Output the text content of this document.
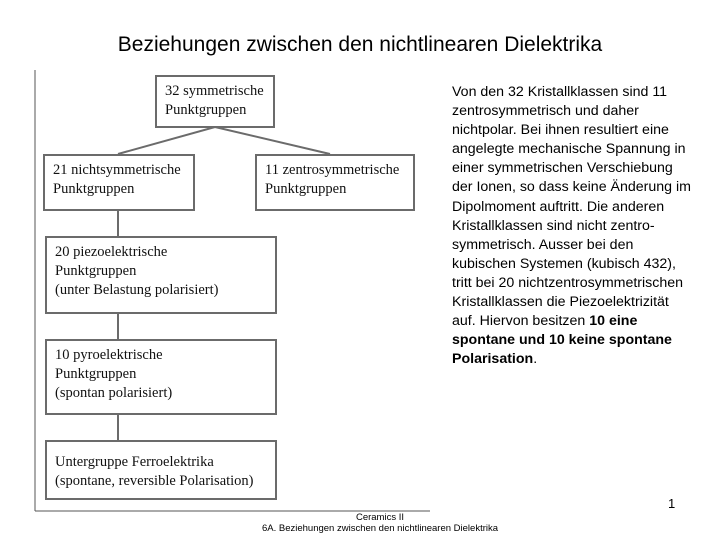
Beziehungen zwischen den nichtlinearen Dielektrika
32 symmetrische
Punktgruppen
21 nichtsymmetrische
Punktgruppen
11 zentrosymmetrische
Punktgruppen
20 piezoelektrische
Punktgruppen
(unter Belastung polarisiert)
10 pyroelektrische
Punktgruppen
(spontan polarisiert)
Untergruppe Ferroelektrika
(spontane, reversible Polarisation)
Von den 32 Kristallklassen sind 11 zentrosymmetrisch und daher nichtpolar. Bei ihnen resultiert eine angelegte mechanische Spannung in einer symmetrischen Verschiebung der Ionen, so dass keine Änderung im Dipolmoment auftritt. Die anderen Kristallklassen sind nicht zentro-symmetrisch. Ausser bei den kubischen Systemen (kubisch 432), tritt bei 20 nichtzentrosymmetrischen Kristallklassen die Piezoelektrizität auf. Hiervon besitzen 10 eine spontane und 10 keine spontane Polarisation.
1
Ceramics II
6A. Beziehungen zwischen den nichtlinearen Dielektrika
